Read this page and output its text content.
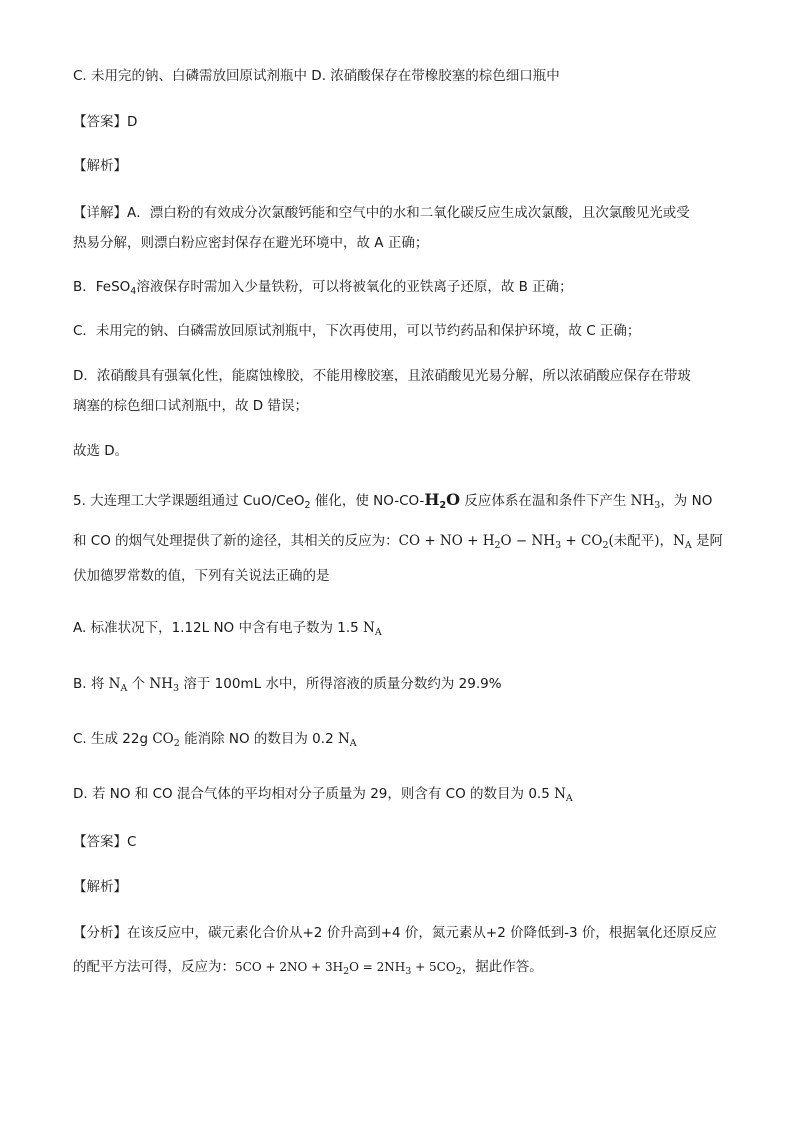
C. 未用完的钠、白磷需放回原试剂瓶中 D. 浓硝酸保存在带橡胶塞的棕色细口瓶中
【答案】D
【解析】
【详解】A．漂白粉的有效成分次氯酸钙能和空气中的水和二氧化碳反应生成次氯酸，且次氯酸见光或受
热易分解，则漂白粉应密封保存在避光环境中，故 A 正确；
B．FeSO$_4$溶液保存时需加入少量铁粉，可以将被氧化的亚铁离子还原，故 B 正确；
C．未用完的钠、白磷需放回原试剂瓶中，下次再使用，可以节约药品和保护环境，故 C 正确；
D．浓硝酸具有强氧化性，能腐蚀橡胶，不能用橡胶塞，且浓硝酸见光易分解，所以浓硝酸应保存在带玻
璃塞的棕色细口试剂瓶中，故 D 错误；
故选 D。
5. 大连理工大学课题组通过 CuO/CeO$_2$ 催化，使 $NO-CO-H_2O$ 反应体系在温和条件下产生 $NH_3$，为 NO
和 CO 的烟气处理提供了新的途径，其相关的反应为：CO + NO + $H_2O - NH_3 + CO_2$(未配平)，$N_A$ 是阿
伏加德罗常数的值，下列有关说法正确的是
A. 标准状况下，1.12L NO 中含有电子数为 1.5 $N_A$
B. 将 $N_A$ 个 $NH_3$ 溶于 100mL 水中，所得溶液的质量分数约为 29.9%
C. 生成 22g $CO_2$ 能消除 NO 的数目为 0.2 $N_A$
D. 若 NO 和 CO 混合气体的平均相对分子质量为 29，则含有 CO 的数目为 0.5 $N_A$
【答案】C
【解析】
【分析】在该反应中，碳元素化合价从+2 价升高到+4 价，氮元素从+2 价降低到-3 价，根据氧化还原反应
的配平方法可得，反应为：$5CO + 2NO + 3H_2O = 2NH_3 + 5CO_2$，据此作答。
